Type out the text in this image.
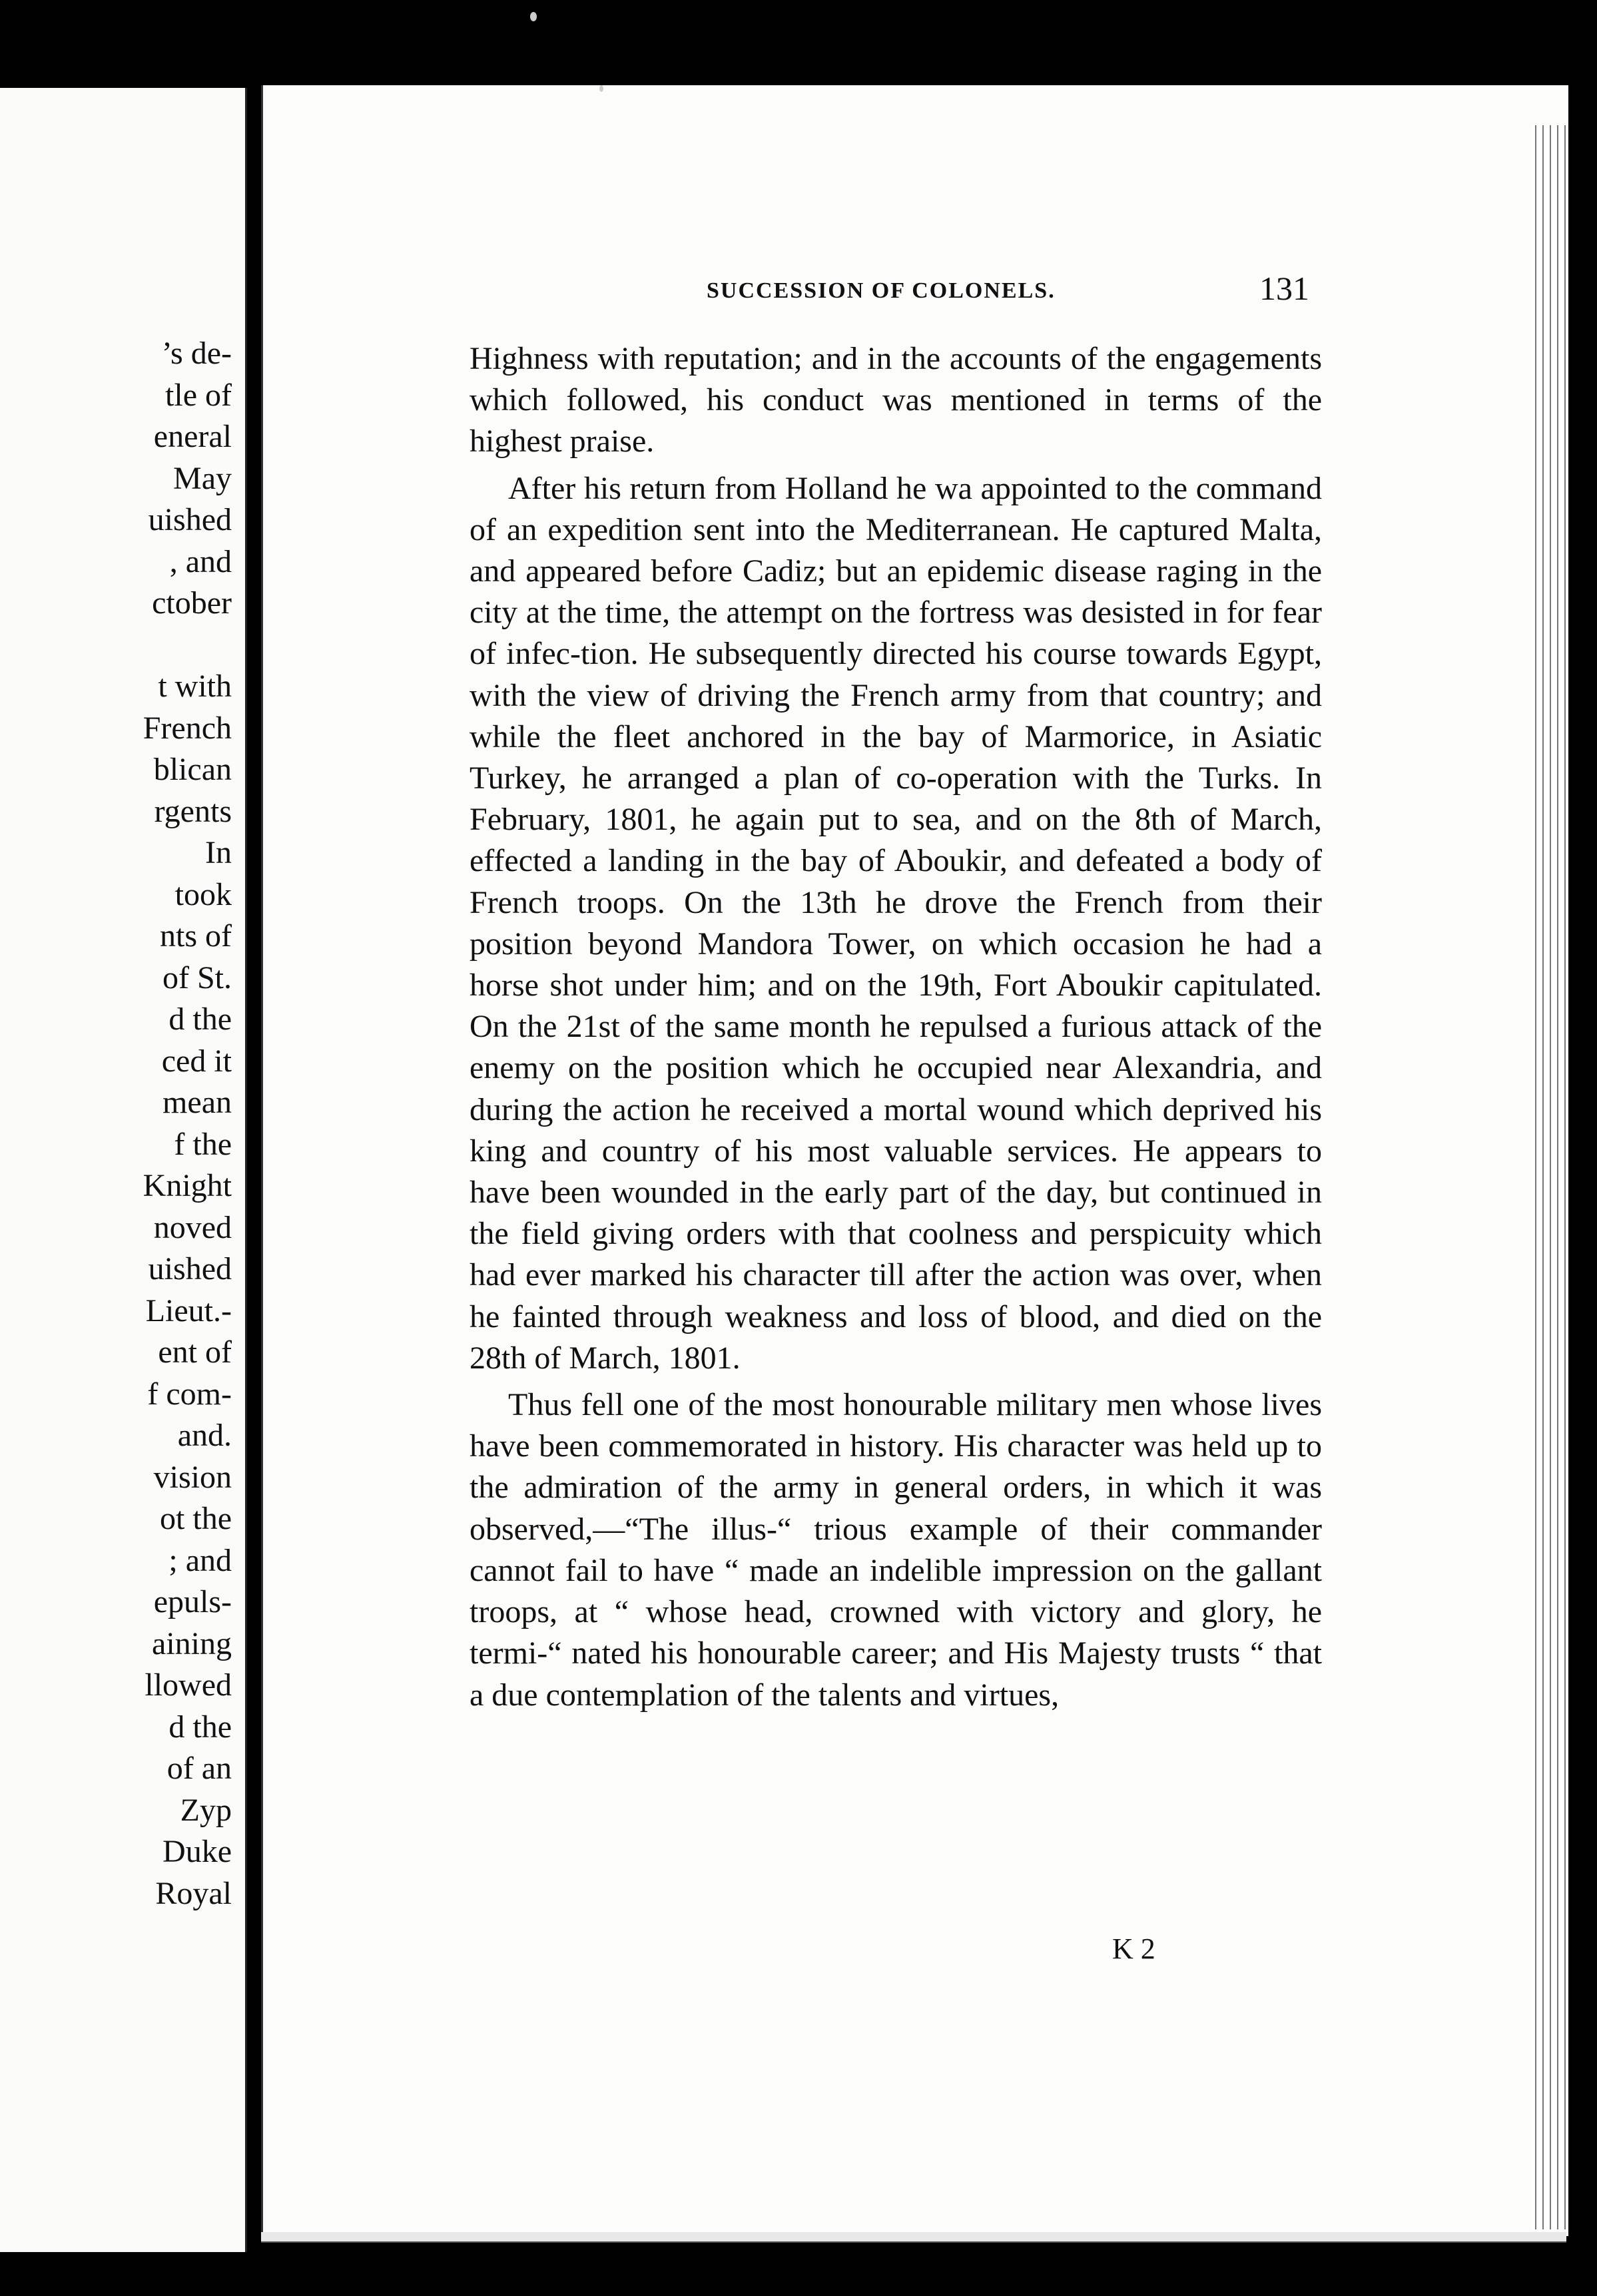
’s de-
tle of
eneral
May
uished
, and
ctober
t with
French
blican
rgents
In
took
nts of
of St.
d the
ced it
mean
f the
Knight
noved
uished
Lieut.-
ent of
f com-
and.
vision
ot the
; and
epuls-
aining
llowed
d the
of an
Zyp
Duke
Royal
SUCCESSION OF COLONELS.	131

Highness with reputation; and in the accounts of the engagements which followed, his conduct was mentioned in terms of the highest praise.

After his return from Holland he wa appointed to the command of an expedition sent into the Mediterranean. He captured Malta, and appeared before Cadiz; but an epidemic disease raging in the city at the time, the attempt on the fortress was desisted in for fear of infec-tion. He subsequently directed his course towards Egypt, with the view of driving the French army from that country; and while the fleet anchored in the bay of Marmorice, in Asiatic Turkey, he arranged a plan of co-operation with the Turks. In February, 1801, he again put to sea, and on the 8th of March, effected a landing in the bay of Aboukir, and defeated a body of French troops. On the 13th he drove the French from their position beyond Mandora Tower, on which occasion he had a horse shot under him; and on the 19th, Fort Aboukir capitulated. On the 21st of the same month he repulsed a furious attack of the enemy on the position which he occupied near Alexandria, and during the action he received a mortal wound which deprived his king and country of his most valuable services. He appears to have been wounded in the early part of the day, but continued in the field giving orders with that coolness and perspicuity which had ever marked his character till after the action was over, when he fainted through weakness and loss of blood, and died on the 28th of March, 1801.

Thus fell one of the most honourable military men whose lives have been commemorated in history. His character was held up to the admiration of the army in general orders, in which it was observed,—“The illus-“ trious example of their commander cannot fail to have “ made an indelible impression on the gallant troops, at “ whose head, crowned with victory and glory, he termi-“ nated his honourable career; and His Majesty trusts “ that a due contemplation of the talents and virtues,

K 2
